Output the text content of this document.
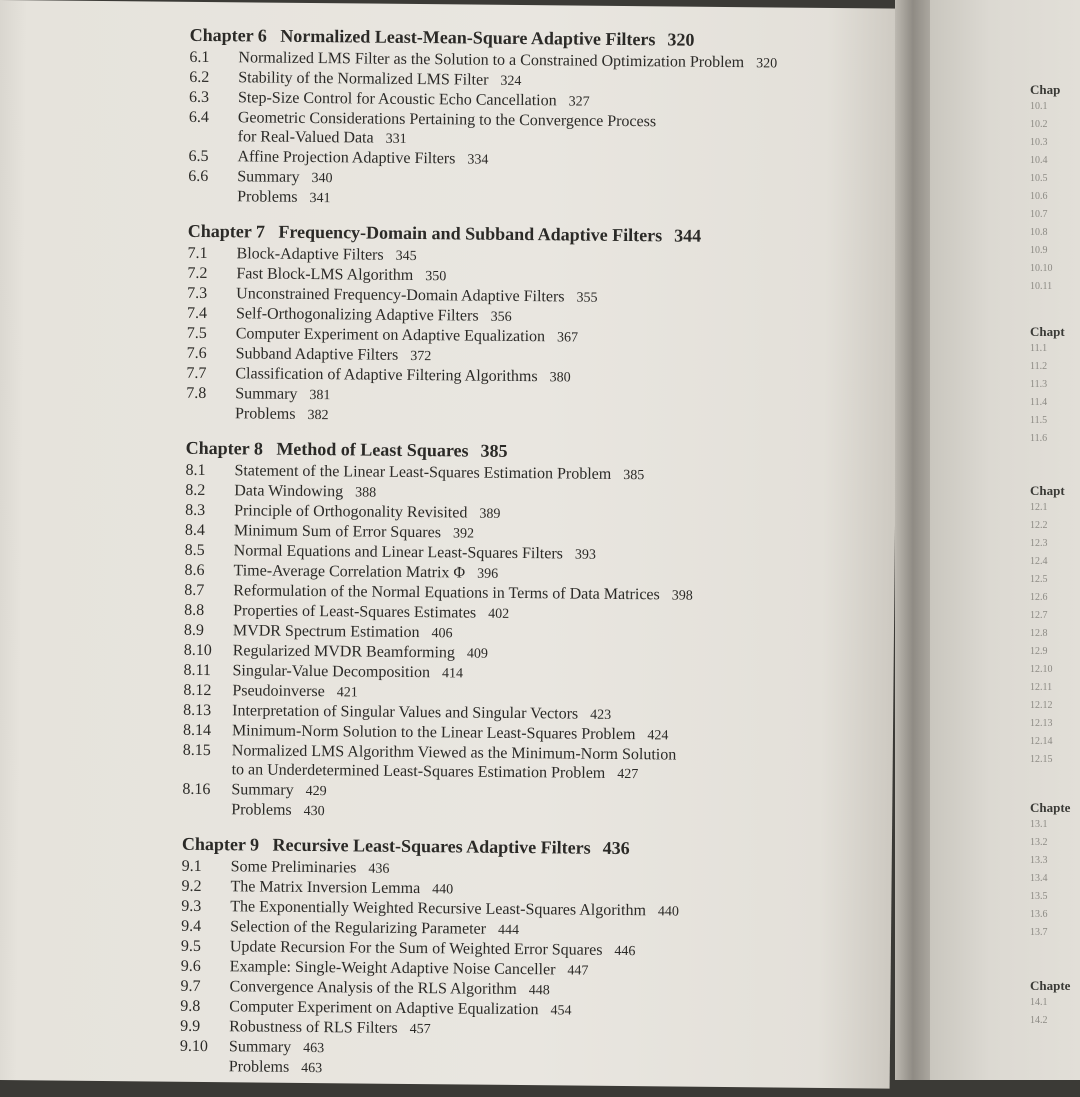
Chapter 6 Normalized Least-Mean-Square Adaptive Filters 320
6.1	Normalized LMS Filter as the Solution to a Constrained Optimization Problem 320
6.2	Stability of the Normalized LMS Filter 324
6.3	Step-Size Control for Acoustic Echo Cancellation 327
6.4	Geometric Considerations Pertaining to the Convergence Process
for Real-Valued Data 331
6.5	Affine Projection Adaptive Filters 334
6.6	Summary 340
Problems 341
Chapter 7 Frequency-Domain and Subband Adaptive Filters 344
7.1	Block-Adaptive Filters 345
7.2	Fast Block-LMS Algorithm 350
7.3	Unconstrained Frequency-Domain Adaptive Filters 355
7.4	Self-Orthogonalizing Adaptive Filters 356
7.5	Computer Experiment on Adaptive Equalization 367
7.6	Subband Adaptive Filters 372
7.7	Classification of Adaptive Filtering Algorithms 380
7.8	Summary 381
Problems 382
Chapter 8 Method of Least Squares 385
8.1	Statement of the Linear Least-Squares Estimation Problem 385
8.2	Data Windowing 388
8.3	Principle of Orthogonality Revisited 389
8.4	Minimum Sum of Error Squares 392
8.5	Normal Equations and Linear Least-Squares Filters 393
8.6	Time-Average Correlation Matrix Φ 396
8.7	Reformulation of the Normal Equations in Terms of Data Matrices 398
8.8	Properties of Least-Squares Estimates 402
8.9	MVDR Spectrum Estimation 406
8.10	Regularized MVDR Beamforming 409
8.11	Singular-Value Decomposition 414
8.12	Pseudoinverse 421
8.13	Interpretation of Singular Values and Singular Vectors 423
8.14	Minimum-Norm Solution to the Linear Least-Squares Problem 424
8.15	Normalized LMS Algorithm Viewed as the Minimum-Norm Solution
to an Underdetermined Least-Squares Estimation Problem 427
8.16	Summary 429
Problems 430
Chapter 9 Recursive Least-Squares Adaptive Filters 436
9.1	Some Preliminaries 436
9.2	The Matrix Inversion Lemma 440
9.3	The Exponentially Weighted Recursive Least-Squares Algorithm 440
9.4	Selection of the Regularizing Parameter 444
9.5	Update Recursion For the Sum of Weighted Error Squares 446
9.6	Example: Single-Weight Adaptive Noise Canceller 447
9.7	Convergence Analysis of the RLS Algorithm 448
9.8	Computer Experiment on Adaptive Equalization 454
9.9	Robustness of RLS Filters 457
9.10	Summary 463
Problems 463
Chap
10.1
10.2
10.3
10.4
10.5
10.6
10.7
10.8
10.9
10.10
10.11
Chapt
11.1
11.2
11.3
11.4
11.5
11.6
Chapt
12.1
12.2
12.3
12.4
12.5
12.6
12.7
12.8
12.9
12.10
12.11
12.12
12.13
12.14
12.15
Chapte
13.1
13.2
13.3
13.4
13.5
13.6
13.7
Chapte
14.1
14.2
